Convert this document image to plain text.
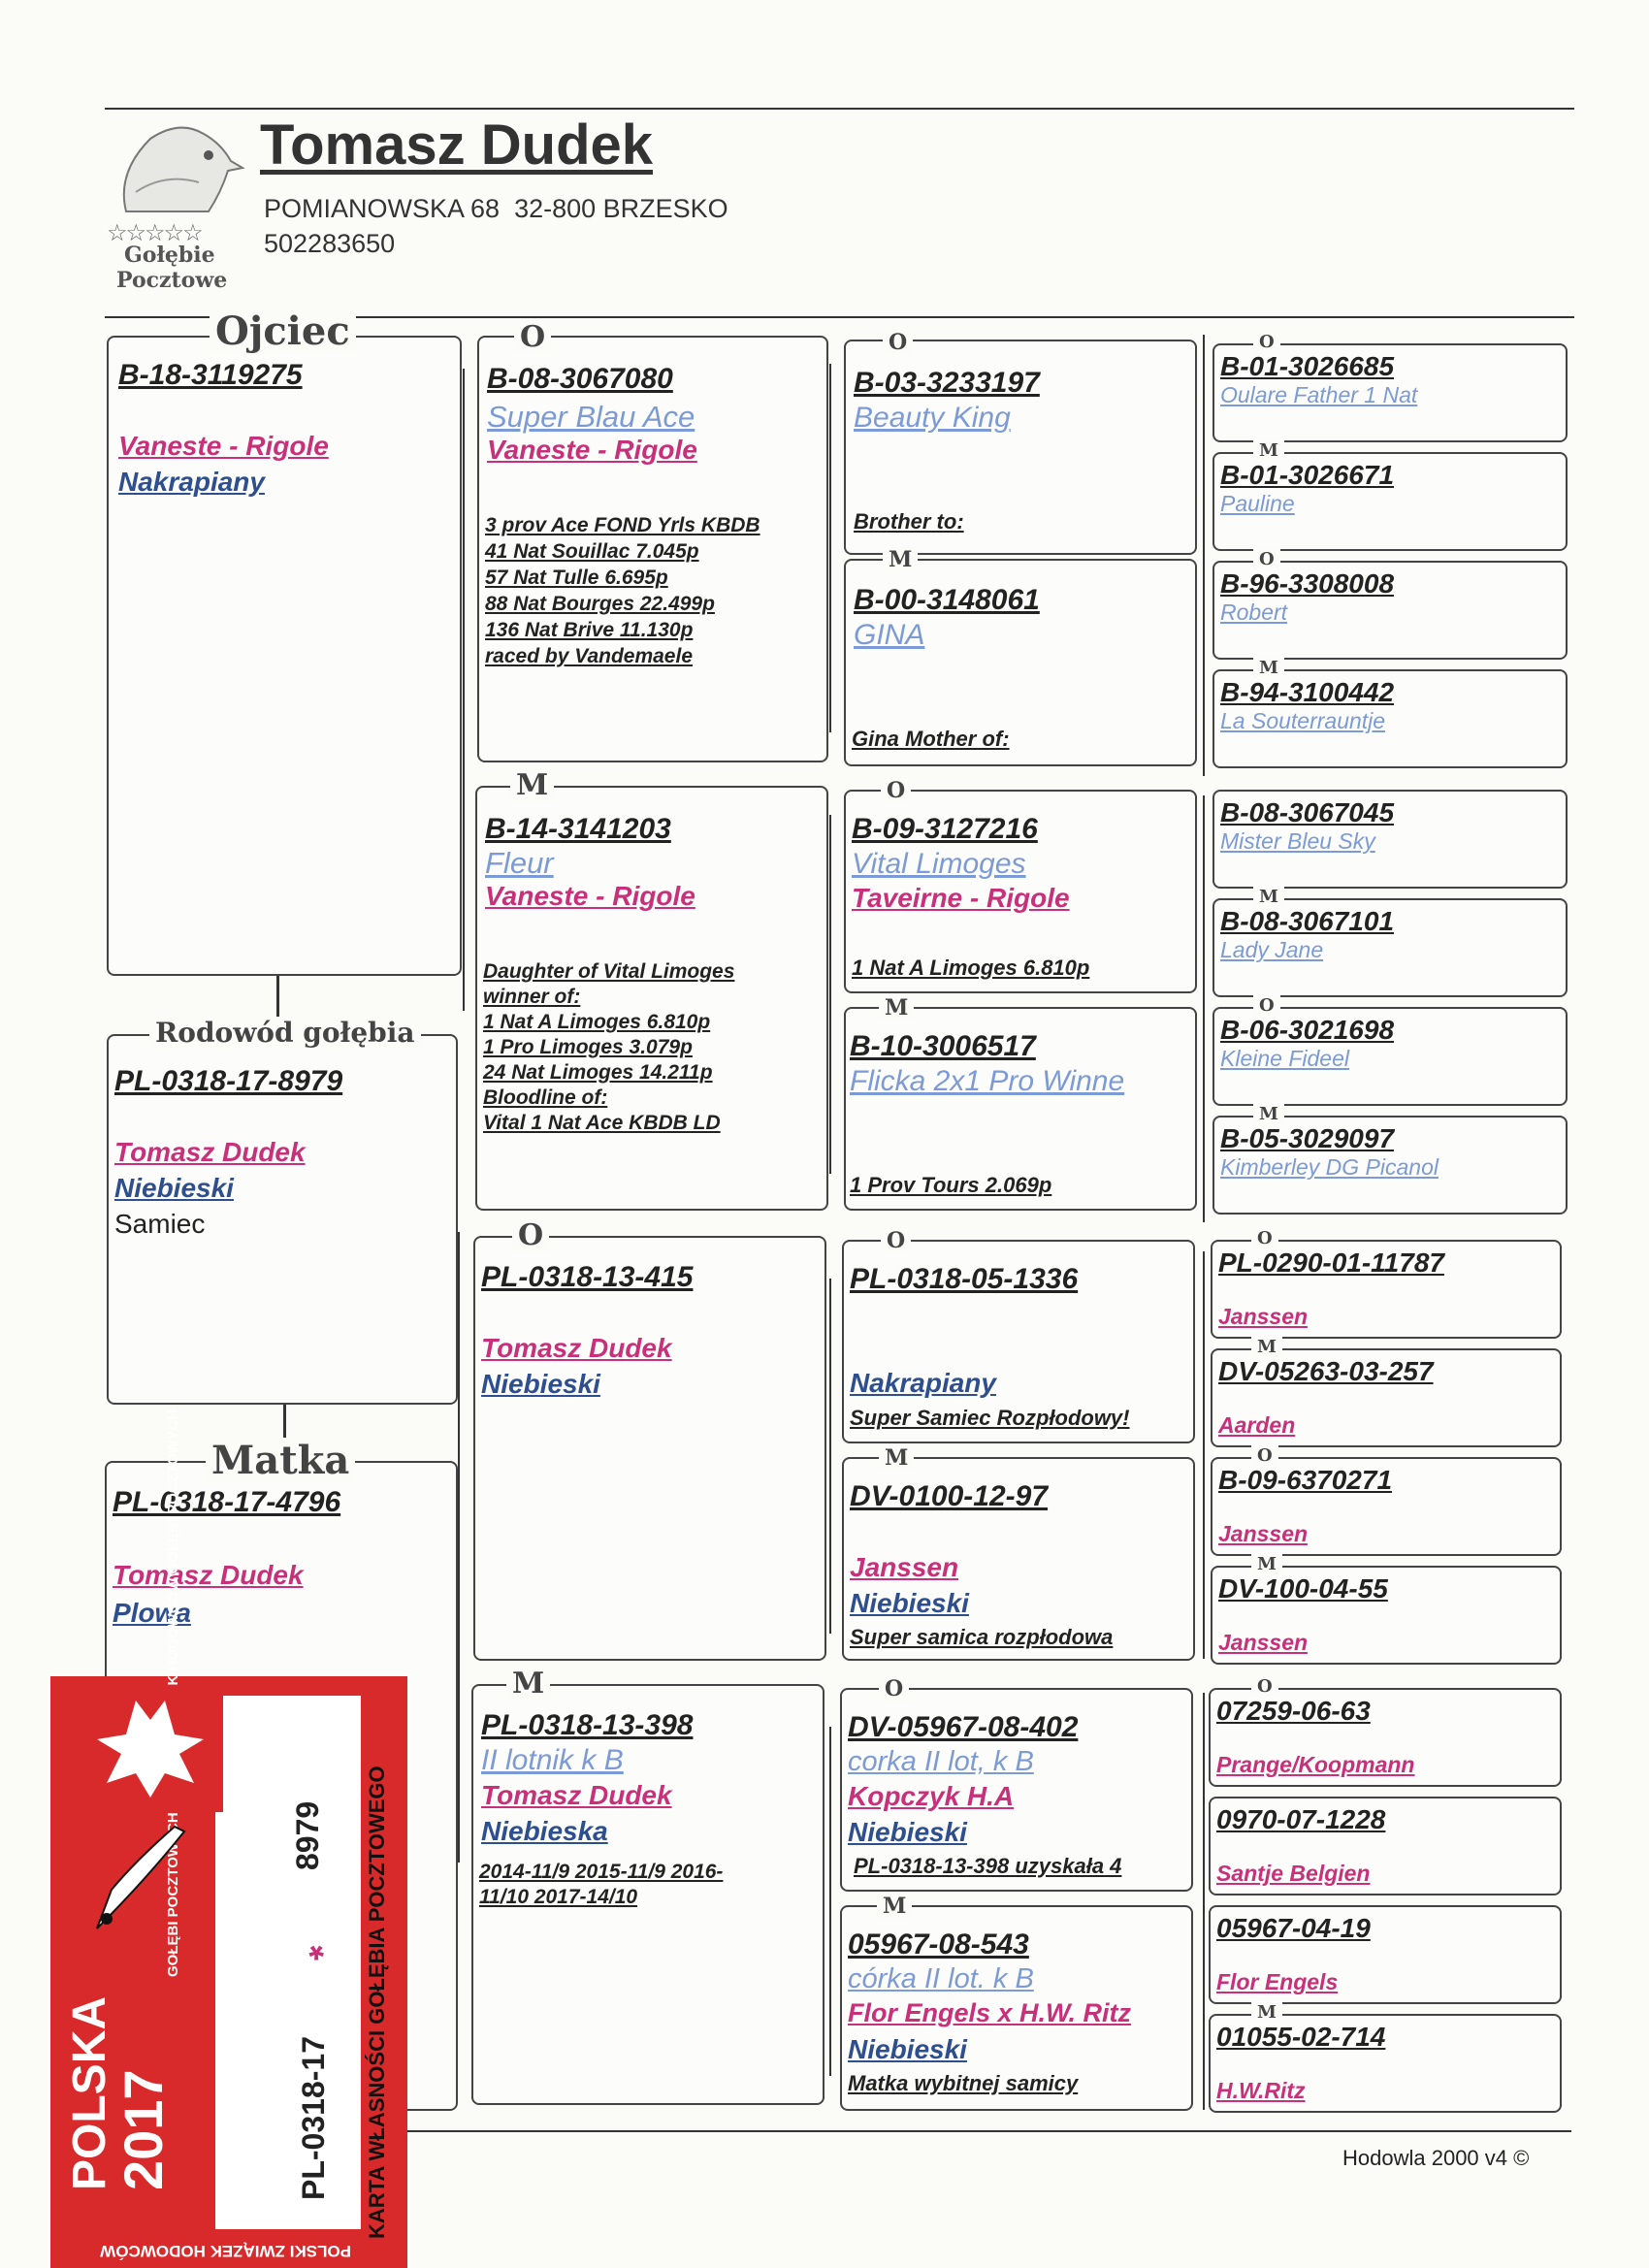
☆☆☆☆☆
Gołębie
Pocztowe
Tomasz Dudek
POMIANOWSKA 68  32-800 BRZESKO
502283650
Ojciec
B-18-3119275
Vaneste - Rigole
Nakrapiany
Rodowód gołębia
PL-0318-17-8979
Tomasz Dudek
Niebieski
Samiec
Matka
PL-0318-17-4796
Tomasz Dudek
Plowa
O
B-08-3067080
Super Blau Ace
Vaneste - Rigole
3 prov Ace FOND Yrls KBDB
41 Nat Souillac 7.045p
57 Nat Tulle 6.695p
88 Nat Bourges 22.499p
136 Nat Brive 11.130p
raced by Vandemaele
M
B-14-3141203
Fleur
Vaneste - Rigole
Daughter of Vital Limoges
winner of:
1 Nat A Limoges 6.810p
1 Pro Limoges 3.079p
24 Nat Limoges 14.211p
Bloodline of:
Vital 1 Nat Ace KBDB LD
O
PL-0318-13-415
Tomasz Dudek
Niebieski
M
PL-0318-13-398
II lotnik k B
Tomasz Dudek
Niebieska
2014-11/9 2015-11/9 2016-
11/10 2017-14/10
O
B-03-3233197
Beauty King
Brother to:
M
B-00-3148061
GINA
Gina Mother of:
O
B-09-3127216
Vital Limoges
Taveirne - Rigole
1 Nat A Limoges 6.810p
M
B-10-3006517
Flicka 2x1 Pro Winne
1 Prov Tours 2.069p
O
PL-0318-05-1336
Nakrapiany
Super Samiec Rozpłodowy!
M
DV-0100-12-97
Janssen
Niebieski
Super samica rozpłodowa
O
DV-05967-08-402
corka II lot, k B
Kopczyk H.A
Niebieski
PL-0318-13-398 uzyskała 4
M
05967-08-543
córka II lot. k B
Flor Engels x H.W. Ritz
Niebieski
Matka wybitnej samicy
O
B-01-3026685
Oulare Father 1 Nat
M
B-01-3026671
Pauline
O
B-96-3308008
Robert
M
B-94-3100442
La Souterrauntje
B-08-3067045
Mister Bleu Sky
M
B-08-3067101
Lady Jane
O
B-06-3021698
Kleine Fideel
M
B-05-3029097
Kimberley DG Picanol
O
PL-0290-01-11787
Janssen
M
DV-05263-03-257
Aarden
O
B-09-6370271
Janssen
M
DV-100-04-55
Janssen
O
07259-06-63
Prange/Koopmann
0970-07-1228
Santje Belgien
05967-04-19
Flor Engels
M
01055-02-714
H.W.Ritz
Hodowla 2000 v4 ©
POLSKI ZWIĄZEK HODOWCÓW
KARTA WŁASNOŚCI GOŁĘBIA POCZTOWEGO
PL-0318-17
*
8979
POLSKA
2017
